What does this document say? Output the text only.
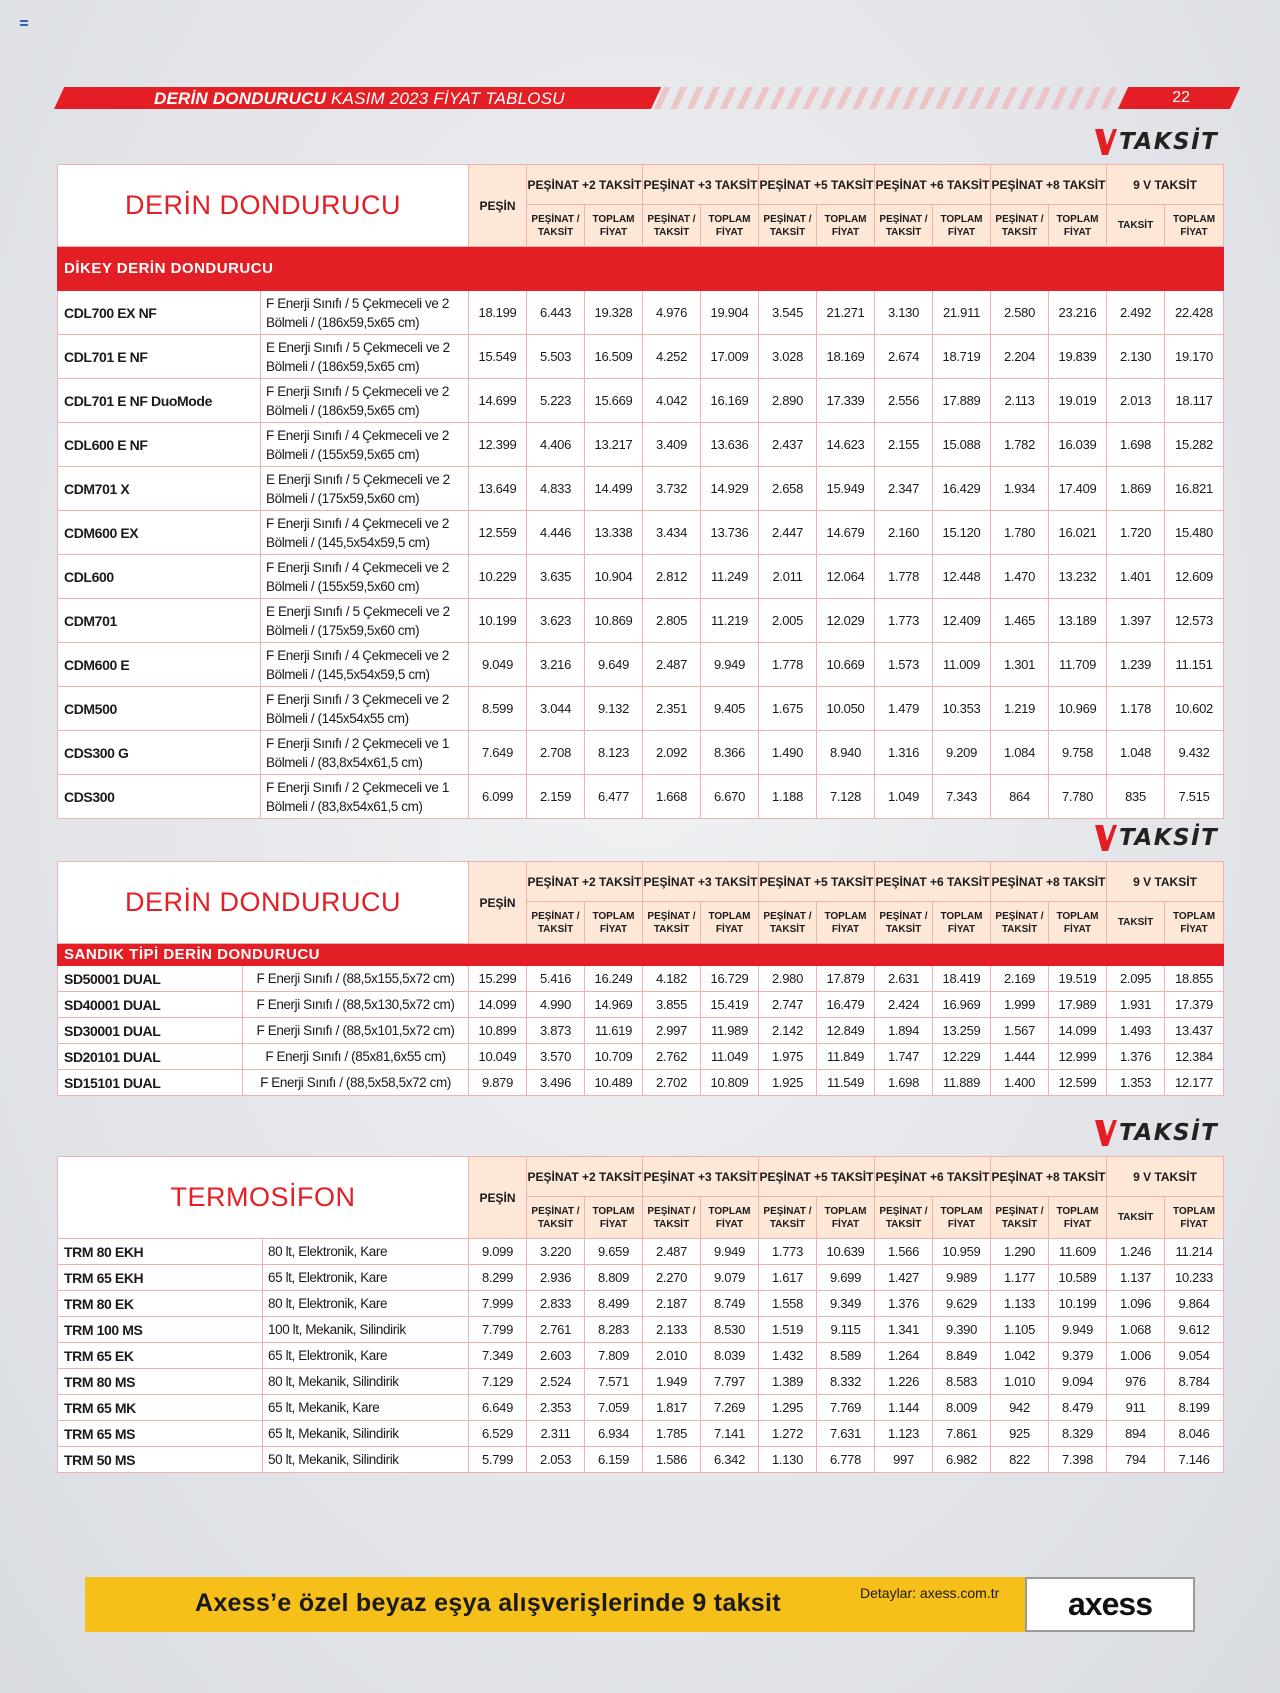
DERİN DONDURUCU KASIM 2023 FİYAT TABLOSU	22
TAKSİT
DERİN DONDURUCU		PEŞİN	PEŞİNAT +2 TAKSİT		PEŞİNAT +3 TAKSİT		PEŞİNAT +5 TAKSİT		PEŞİNAT +6 TAKSİT		PEŞİNAT +8 TAKSİT		9 V TAKSİT	
			PEŞİNAT / TAKSİT	TOPLAM FİYAT	PEŞİNAT / TAKSİT	TOPLAM FİYAT	PEŞİNAT / TAKSİT	TOPLAM FİYAT	PEŞİNAT / TAKSİT	TOPLAM FİYAT	PEŞİNAT / TAKSİT	TOPLAM FİYAT	TAKSİT	TOPLAM FİYAT
DİKEY DERİN DONDURUCU														
CDL700 EX NF	F Enerji Sınıfı / 5 Çekmeceli ve 2 Bölmeli / (186x59,5x65 cm)	18.199	6.443	19.328	4.976	19.904	3.545	21.271	3.130	21.911	2.580	23.216	2.492	22.428
CDL701 E NF	E Enerji Sınıfı / 5 Çekmeceli ve 2 Bölmeli / (186x59,5x65 cm)	15.549	5.503	16.509	4.252	17.009	3.028	18.169	2.674	18.719	2.204	19.839	2.130	19.170
CDL701 E NF DuoMode	F Enerji Sınıfı / 5 Çekmeceli ve 2 Bölmeli / (186x59,5x65 cm)	14.699	5.223	15.669	4.042	16.169	2.890	17.339	2.556	17.889	2.113	19.019	2.013	18.117
CDL600 E NF	F Enerji Sınıfı / 4 Çekmeceli ve 2 Bölmeli / (155x59,5x65 cm)	12.399	4.406	13.217	3.409	13.636	2.437	14.623	2.155	15.088	1.782	16.039	1.698	15.282
CDM701 X	E Enerji Sınıfı / 5 Çekmeceli ve 2 Bölmeli / (175x59,5x60 cm)	13.649	4.833	14.499	3.732	14.929	2.658	15.949	2.347	16.429	1.934	17.409	1.869	16.821
CDM600 EX	F Enerji Sınıfı / 4 Çekmeceli ve 2 Bölmeli / (145,5x54x59,5 cm)	12.559	4.446	13.338	3.434	13.736	2.447	14.679	2.160	15.120	1.780	16.021	1.720	15.480
CDL600	F Enerji Sınıfı / 4 Çekmeceli ve 2 Bölmeli / (155x59,5x60 cm)	10.229	3.635	10.904	2.812	11.249	2.011	12.064	1.778	12.448	1.470	13.232	1.401	12.609
CDM701	E Enerji Sınıfı / 5 Çekmeceli ve 2 Bölmeli / (175x59,5x60 cm)	10.199	3.623	10.869	2.805	11.219	2.005	12.029	1.773	12.409	1.465	13.189	1.397	12.573
CDM600 E	F Enerji Sınıfı / 4 Çekmeceli ve 2 Bölmeli / (145,5x54x59,5 cm)	9.049	3.216	9.649	2.487	9.949	1.778	10.669	1.573	11.009	1.301	11.709	1.239	11.151
CDM500	F Enerji Sınıfı / 3 Çekmeceli ve 2 Bölmeli / (145x54x55 cm)	8.599	3.044	9.132	2.351	9.405	1.675	10.050	1.479	10.353	1.219	10.969	1.178	10.602
CDS300 G	F Enerji Sınıfı / 2 Çekmeceli ve 1 Bölmeli / (83,8x54x61,5 cm)	7.649	2.708	8.123	2.092	8.366	1.490	8.940	1.316	9.209	1.084	9.758	1.048	9.432
CDS300	F Enerji Sınıfı / 2 Çekmeceli ve 1 Bölmeli / (83,8x54x61,5 cm)	6.099	2.159	6.477	1.668	6.670	1.188	7.128	1.049	7.343	864	7.780	835	7.515
TAKSİT
DERİN DONDURUCU		PEŞİN	PEŞİNAT +2 TAKSİT		PEŞİNAT +3 TAKSİT		PEŞİNAT +5 TAKSİT		PEŞİNAT +6 TAKSİT		PEŞİNAT +8 TAKSİT		9 V TAKSİT	
			PEŞİNAT / TAKSİT	TOPLAM FİYAT	PEŞİNAT / TAKSİT	TOPLAM FİYAT	PEŞİNAT / TAKSİT	TOPLAM FİYAT	PEŞİNAT / TAKSİT	TOPLAM FİYAT	PEŞİNAT / TAKSİT	TOPLAM FİYAT	TAKSİT	TOPLAM FİYAT
SANDIK TİPİ DERİN DONDURUCU														
SD50001 DUAL	F Enerji Sınıfı / (88,5x155,5x72 cm)	15.299	5.416	16.249	4.182	16.729	2.980	17.879	2.631	18.419	2.169	19.519	2.095	18.855
SD40001 DUAL	F Enerji Sınıfı / (88,5x130,5x72 cm)	14.099	4.990	14.969	3.855	15.419	2.747	16.479	2.424	16.969	1.999	17.989	1.931	17.379
SD30001 DUAL	F Enerji Sınıfı / (88,5x101,5x72 cm)	10.899	3.873	11.619	2.997	11.989	2.142	12.849	1.894	13.259	1.567	14.099	1.493	13.437
SD20101 DUAL	F Enerji Sınıfı / (85x81,6x55 cm)	10.049	3.570	10.709	2.762	11.049	1.975	11.849	1.747	12.229	1.444	12.999	1.376	12.384
SD15101 DUAL	F Enerji Sınıfı / (88,5x58,5x72 cm)	9.879	3.496	10.489	2.702	10.809	1.925	11.549	1.698	11.889	1.400	12.599	1.353	12.177
TAKSİT
TERMOSİFON		PEŞİN	PEŞİNAT +2 TAKSİT		PEŞİNAT +3 TAKSİT		PEŞİNAT +5 TAKSİT		PEŞİNAT +6 TAKSİT		PEŞİNAT +8 TAKSİT		9 V TAKSİT	
			PEŞİNAT / TAKSİT	TOPLAM FİYAT	PEŞİNAT / TAKSİT	TOPLAM FİYAT	PEŞİNAT / TAKSİT	TOPLAM FİYAT	PEŞİNAT / TAKSİT	TOPLAM FİYAT	PEŞİNAT / TAKSİT	TOPLAM FİYAT	TAKSİT	TOPLAM FİYAT
TRM 80 EKH	80 lt, Elektronik, Kare	9.099	3.220	9.659	2.487	9.949	1.773	10.639	1.566	10.959	1.290	11.609	1.246	11.214
TRM 65 EKH	65 lt, Elektronik, Kare	8.299	2.936	8.809	2.270	9.079	1.617	9.699	1.427	9.989	1.177	10.589	1.137	10.233
TRM 80 EK	80 lt, Elektronik, Kare	7.999	2.833	8.499	2.187	8.749	1.558	9.349	1.376	9.629	1.133	10.199	1.096	9.864
TRM 100 MS	100 lt, Mekanik, Silindirik	7.799	2.761	8.283	2.133	8.530	1.519	9.115	1.341	9.390	1.105	9.949	1.068	9.612
TRM 65 EK	65 lt, Elektronik, Kare	7.349	2.603	7.809	2.010	8.039	1.432	8.589	1.264	8.849	1.042	9.379	1.006	9.054
TRM 80 MS	80 lt, Mekanik, Silindirik	7.129	2.524	7.571	1.949	7.797	1.389	8.332	1.226	8.583	1.010	9.094	976	8.784
TRM 65 MK	65 lt, Mekanik, Kare	6.649	2.353	7.059	1.817	7.269	1.295	7.769	1.144	8.009	942	8.479	911	8.199
TRM 65 MS	65 lt, Mekanik, Silindirik	6.529	2.311	6.934	1.785	7.141	1.272	7.631	1.123	7.861	925	8.329	894	8.046
TRM 50 MS	50 lt, Mekanik, Silindirik	5.799	2.053	6.159	1.586	6.342	1.130	6.778	997	6.982	822	7.398	794	7.146
Axess’e özel beyaz eşya alışverişlerinde 9 taksit	Detaylar: axess.com.tr	axess
